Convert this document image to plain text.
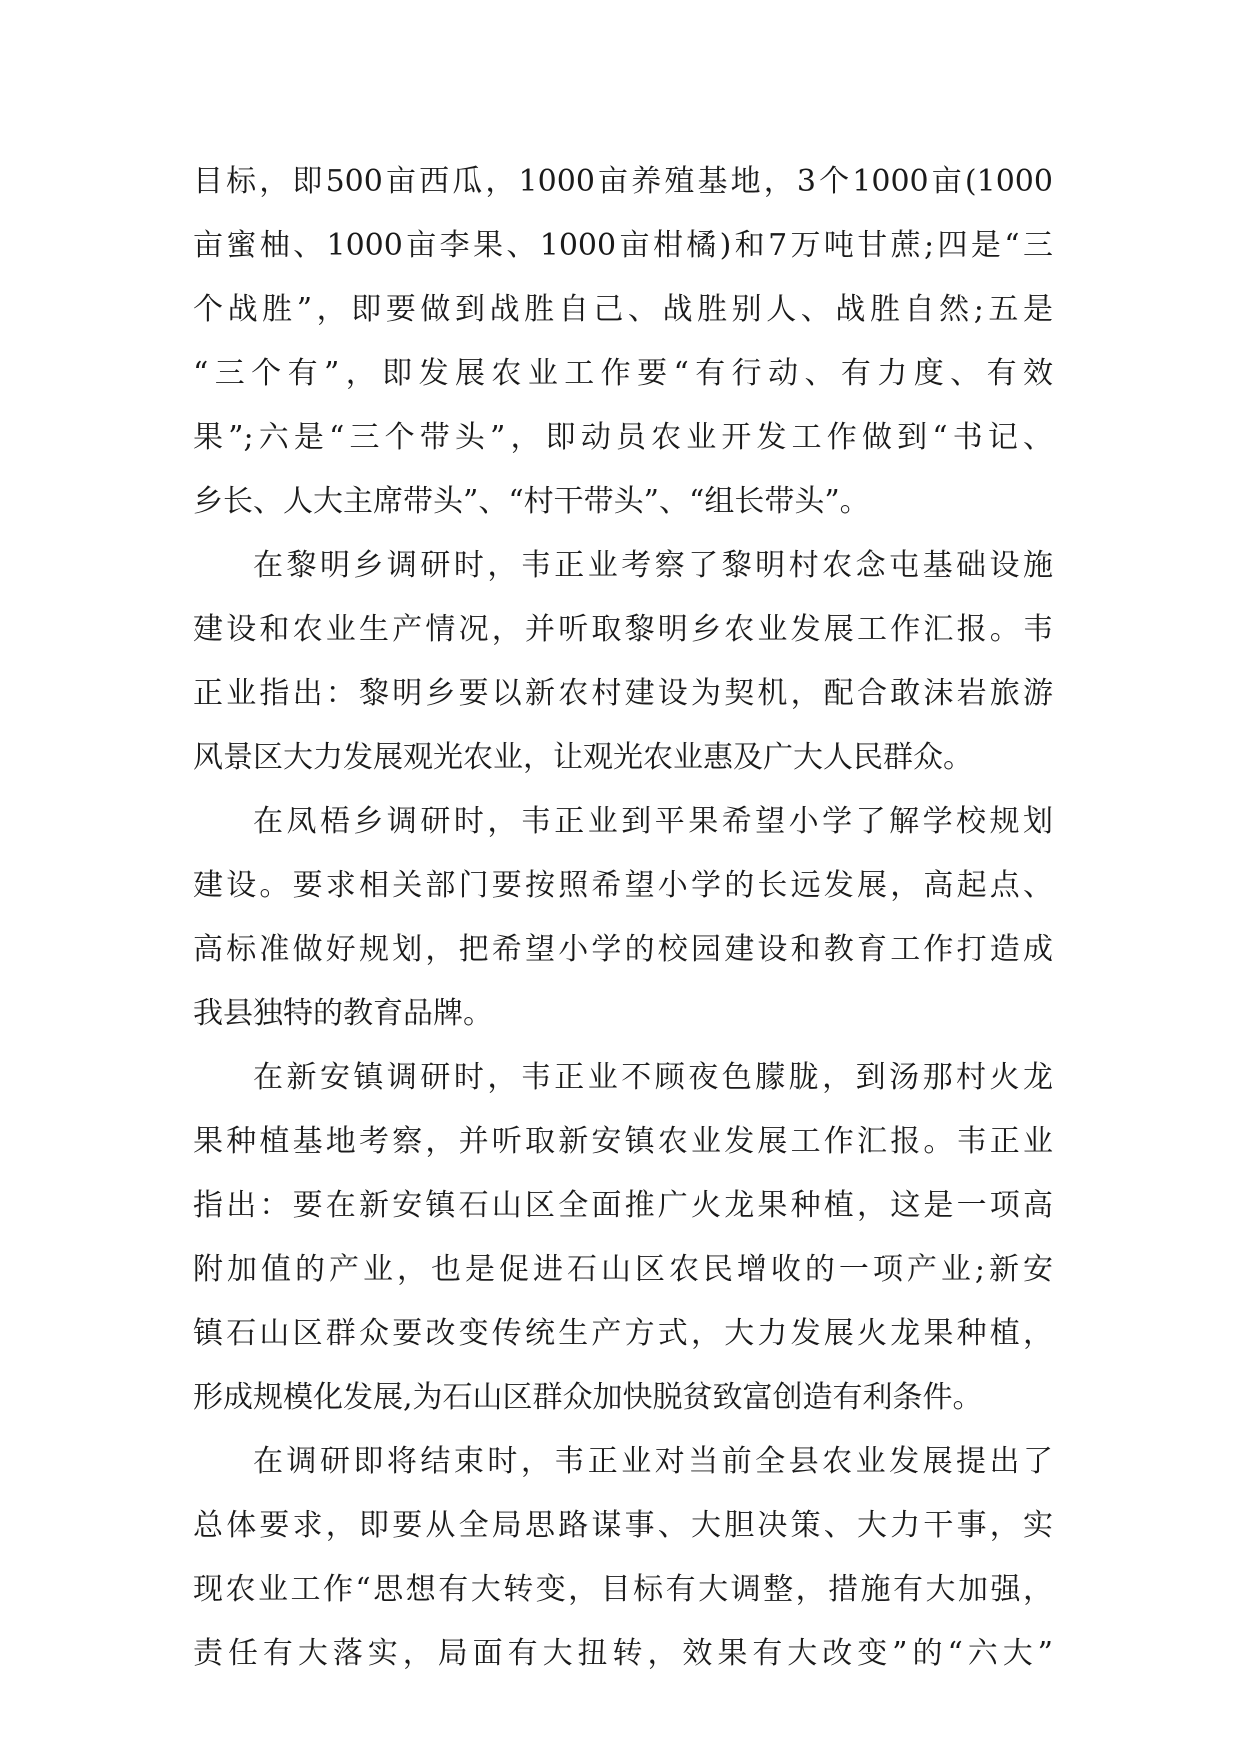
目标，即500亩西瓜，1000亩养殖基地，3个1000亩(1000
亩蜜柚、1000亩李果、1000亩柑橘)和7万吨甘蔗;四是“三
个战胜”，即要做到战胜自己、战胜别人、战胜自然;五是
“三个有”，即发展农业工作要“有行动、有力度、有效
果”;六是“三个带头”，即动员农业开发工作做到“书记、
乡长、人大主席带头”、“村干带头”、“组长带头”。
在黎明乡调研时，韦正业考察了黎明村农念屯基础设施
建设和农业生产情况，并听取黎明乡农业发展工作汇报。韦
正业指出：黎明乡要以新农村建设为契机，配合敢沫岩旅游
风景区大力发展观光农业，让观光农业惠及广大人民群众。
在凤梧乡调研时，韦正业到平果希望小学了解学校规划
建设。要求相关部门要按照希望小学的长远发展，高起点、
高标准做好规划，把希望小学的校园建设和教育工作打造成
我县独特的教育品牌。
在新安镇调研时，韦正业不顾夜色朦胧，到汤那村火龙
果种植基地考察，并听取新安镇农业发展工作汇报。韦正业
指出：要在新安镇石山区全面推广火龙果种植，这是一项高
附加值的产业，也是促进石山区农民增收的一项产业;新安
镇石山区群众要改变传统生产方式，大力发展火龙果种植，
形成规模化发展,为石山区群众加快脱贫致富创造有利条件。
在调研即将结束时，韦正业对当前全县农业发展提出了
总体要求，即要从全局思路谋事、大胆决策、大力干事，实
现农业工作“思想有大转变，目标有大调整，措施有大加强，
责任有大落实，局面有大扭转，效果有大改变”的“六大”
